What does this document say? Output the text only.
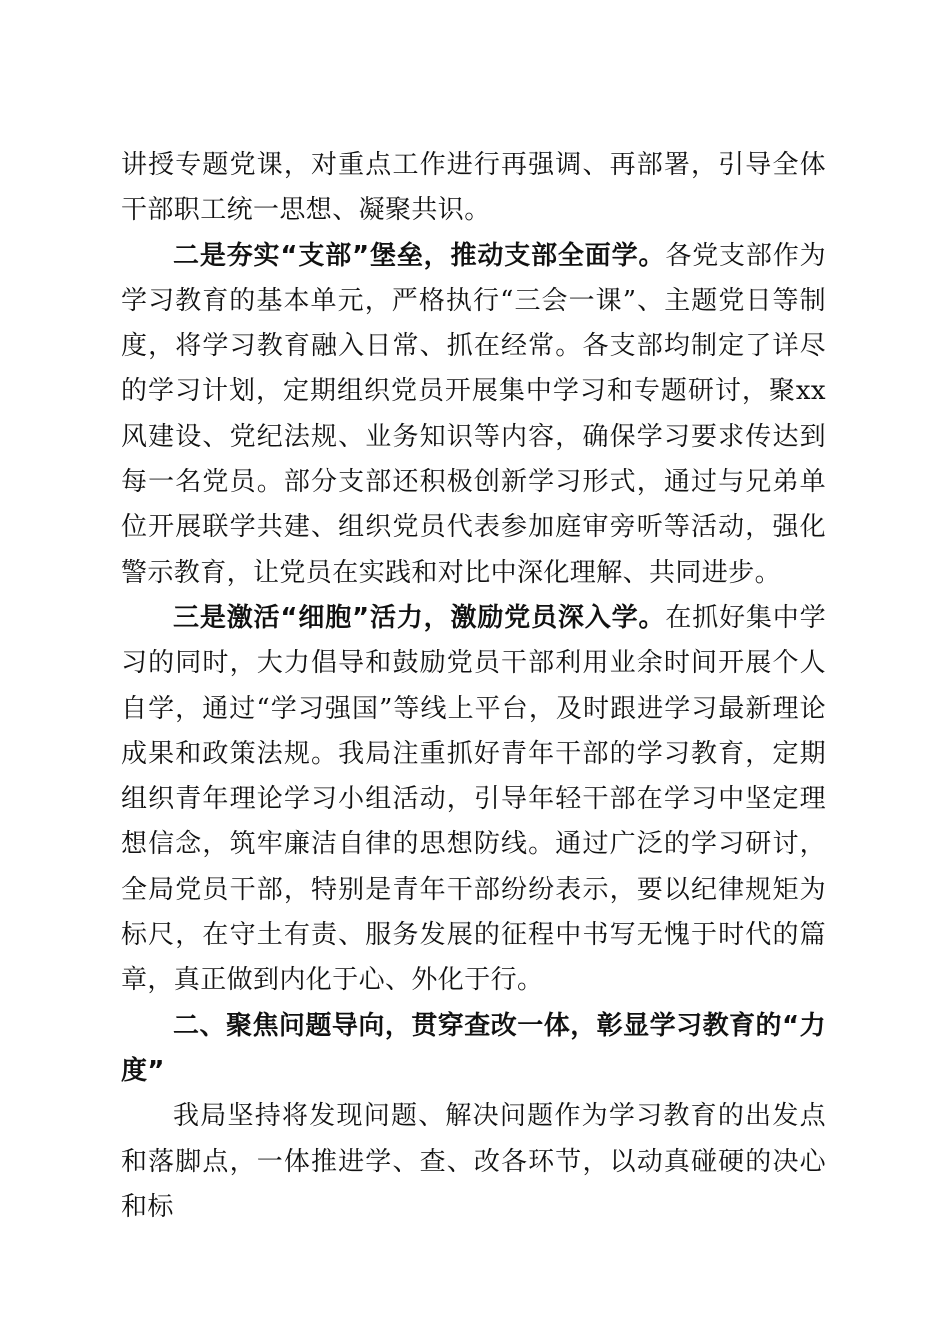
讲授专题党课，对重点工作进行再强调、再部署，引导全体干部职工统一思想、凝聚共识。

二是夯实“支部”堡垒，推动支部全面学。各党支部作为学习教育的基本单元，严格执行“三会一课”、主题党日等制度，将学习教育融入日常、抓在经常。各支部均制定了详尽的学习计划，定期组织党员开展集中学习和专题研讨，聚xx风建设、党纪法规、业务知识等内容，确保学习要求传达到每一名党员。部分支部还积极创新学习形式，通过与兄弟单位开展联学共建、组织党员代表参加庭审旁听等活动，强化警示教育，让党员在实践和对比中深化理解、共同进步。

三是激活“细胞”活力，激励党员深入学。在抓好集中学习的同时，大力倡导和鼓励党员干部利用业余时间开展个人自学，通过“学习强国”等线上平台，及时跟进学习最新理论成果和政策法规。我局注重抓好青年干部的学习教育，定期组织青年理论学习小组活动，引导年轻干部在学习中坚定理想信念，筑牢廉洁自律的思想防线。通过广泛的学习研讨，全局党员干部，特别是青年干部纷纷表示，要以纪律规矩为标尺，在守土有责、服务发展的征程中书写无愧于时代的篇章，真正做到内化于心、外化于行。

二、聚焦问题导向，贯穿查改一体，彰显学习教育的“力度”

我局坚持将发现问题、解决问题作为学习教育的出发点和落脚点，一体推进学、查、改各环节，以动真碰硬的决心和标
